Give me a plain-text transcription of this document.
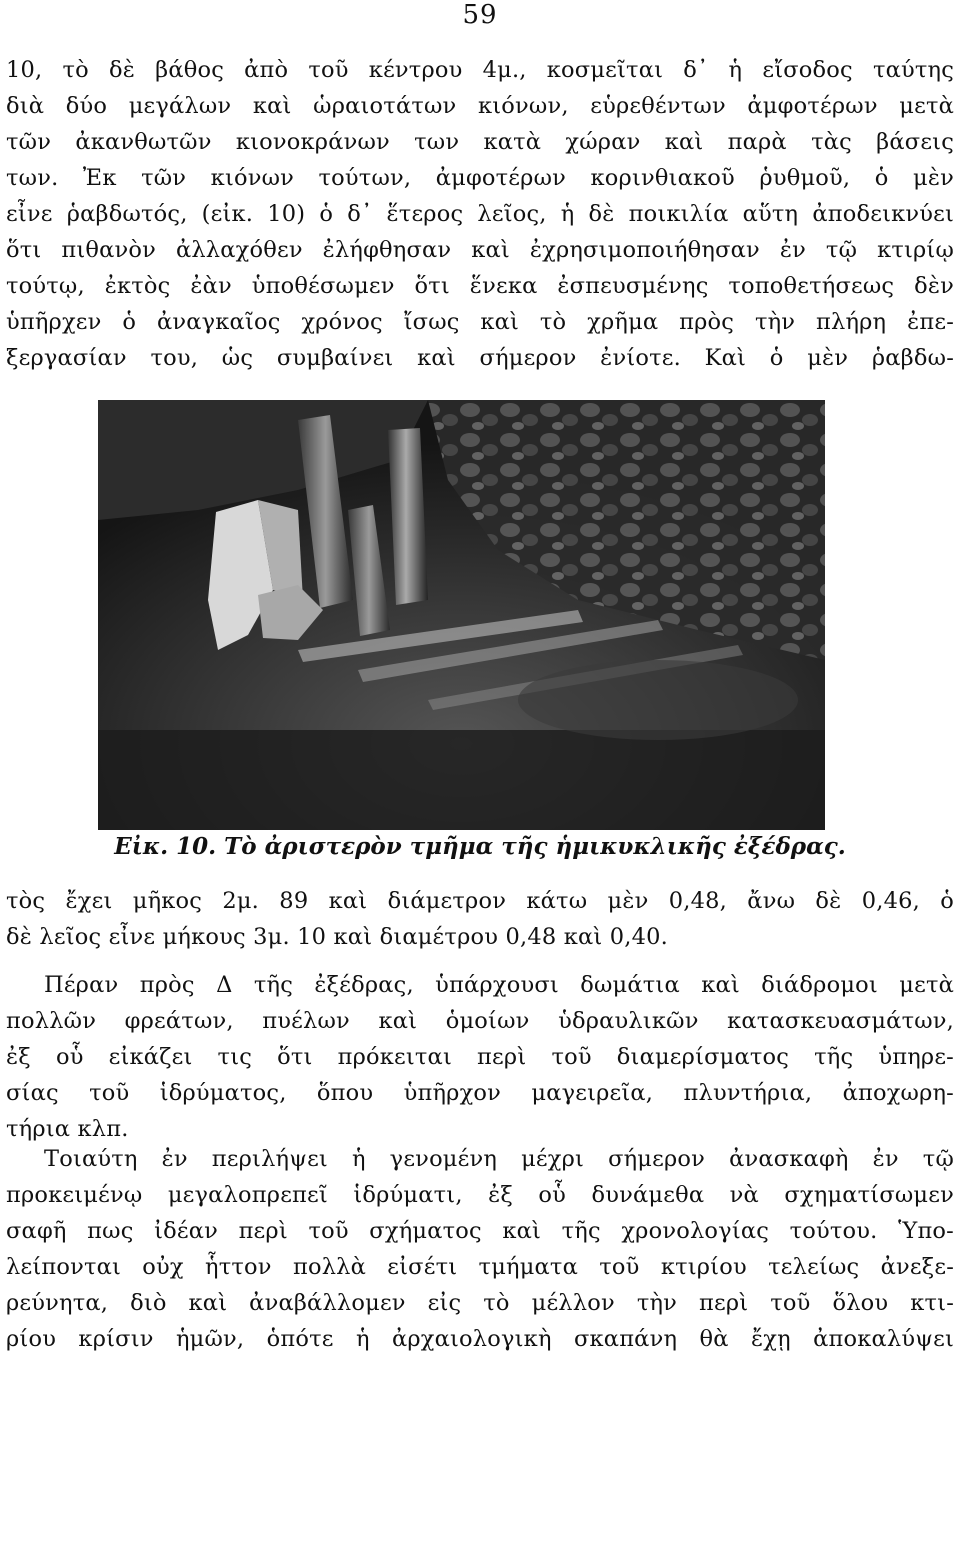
59
10, τὸ δὲ βάθος ἀπὸ τοῦ κέντρου 4μ., κοσμεῖται δ᾽ ἡ εἴσοδος ταύτης
διὰ δύο μεγάλων καὶ ὡραιοτάτων κιόνων, εὑρεθέντων ἀμφοτέρων μετὰ
τῶν ἀκανθωτῶν κιονοκράνων των κατὰ χώραν καὶ παρὰ τὰς βάσεις
των. Ἐκ τῶν κιόνων τούτων, ἀμφοτέρων κορινθιακοῦ ῥυθμοῦ, ὁ μὲν
εἶνε ῥαβδωτός, (εἰκ. 10) ὁ δ᾽ ἕτερος λεῖος, ἡ δὲ ποικιλία αὕτη ἀποδεικνύει
ὅτι πιθανὸν ἀλλαχόθεν ἐλήφθησαν καὶ ἐχρησιμοποιήθησαν ἐν τῷ κτιρίῳ
τούτῳ, ἐκτὸς ἐὰν ὑποθέσωμεν ὅτι ἕνεκα ἐσπευσμένης τοποθετήσεως δὲν
ὑπῆρχεν ὁ ἀναγκαῖος χρόνος ἴσως καὶ τὸ χρῆμα πρὸς τὴν πλήρη ἐπε-
ξεργασίαν του, ὡς συμβαίνει καὶ σήμερον ἐνίοτε. Καὶ ὁ μὲν ῥαβδω-
Εἰκ. 10. Τὸ ἀριστερὸν τμῆμα τῆς ἡμικυκλικῆς ἐξέδρας.
τὸς ἔχει μῆκος 2μ. 89 καὶ διάμετρον κάτω μὲν 0,48, ἄνω δὲ 0,46, ὁ
δὲ λεῖος εἶνε μήκους 3μ. 10 καὶ διαμέτρου 0,48 καὶ 0,40.
Πέραν πρὸς Δ τῆς ἐξέδρας, ὑπάρχουσι δωμάτια καὶ διάδρομοι μετὰ
πολλῶν φρεάτων, πυέλων καὶ ὁμοίων ὑδραυλικῶν κατασκευασμάτων,
ἐξ οὗ εἰκάζει τις ὅτι πρόκειται περὶ τοῦ διαμερίσματος τῆς ὑπηρε-
σίας τοῦ ἱδρύματος, ὅπου ὑπῆρχον μαγειρεῖα, πλυντήρια, ἀποχωρη-
τήρια κλπ.
Τοιαύτη ἐν περιλήψει ἡ γενομένη μέχρι σήμερον ἀνασκαφὴ ἐν τῷ
προκειμένῳ μεγαλοπρεπεῖ ἱδρύματι, ἐξ οὗ δυνάμεθα νὰ σχηματίσωμεν
σαφῆ πως ἰδέαν περὶ τοῦ σχήματος καὶ τῆς χρονολογίας τούτου. Ὑπο-
λείπονται οὐχ ἧττον πολλὰ εἰσέτι τμήματα τοῦ κτιρίου τελείως ἀνεξε-
ρεύνητα, διὸ καὶ ἀναβάλλομεν εἰς τὸ μέλλον τὴν περὶ τοῦ ὅλου κτι-
ρίου κρίσιν ἡμῶν, ὁπότε ἡ ἀρχαιολογικὴ σκαπάνη θὰ ἔχῃ ἀποκαλύψει
